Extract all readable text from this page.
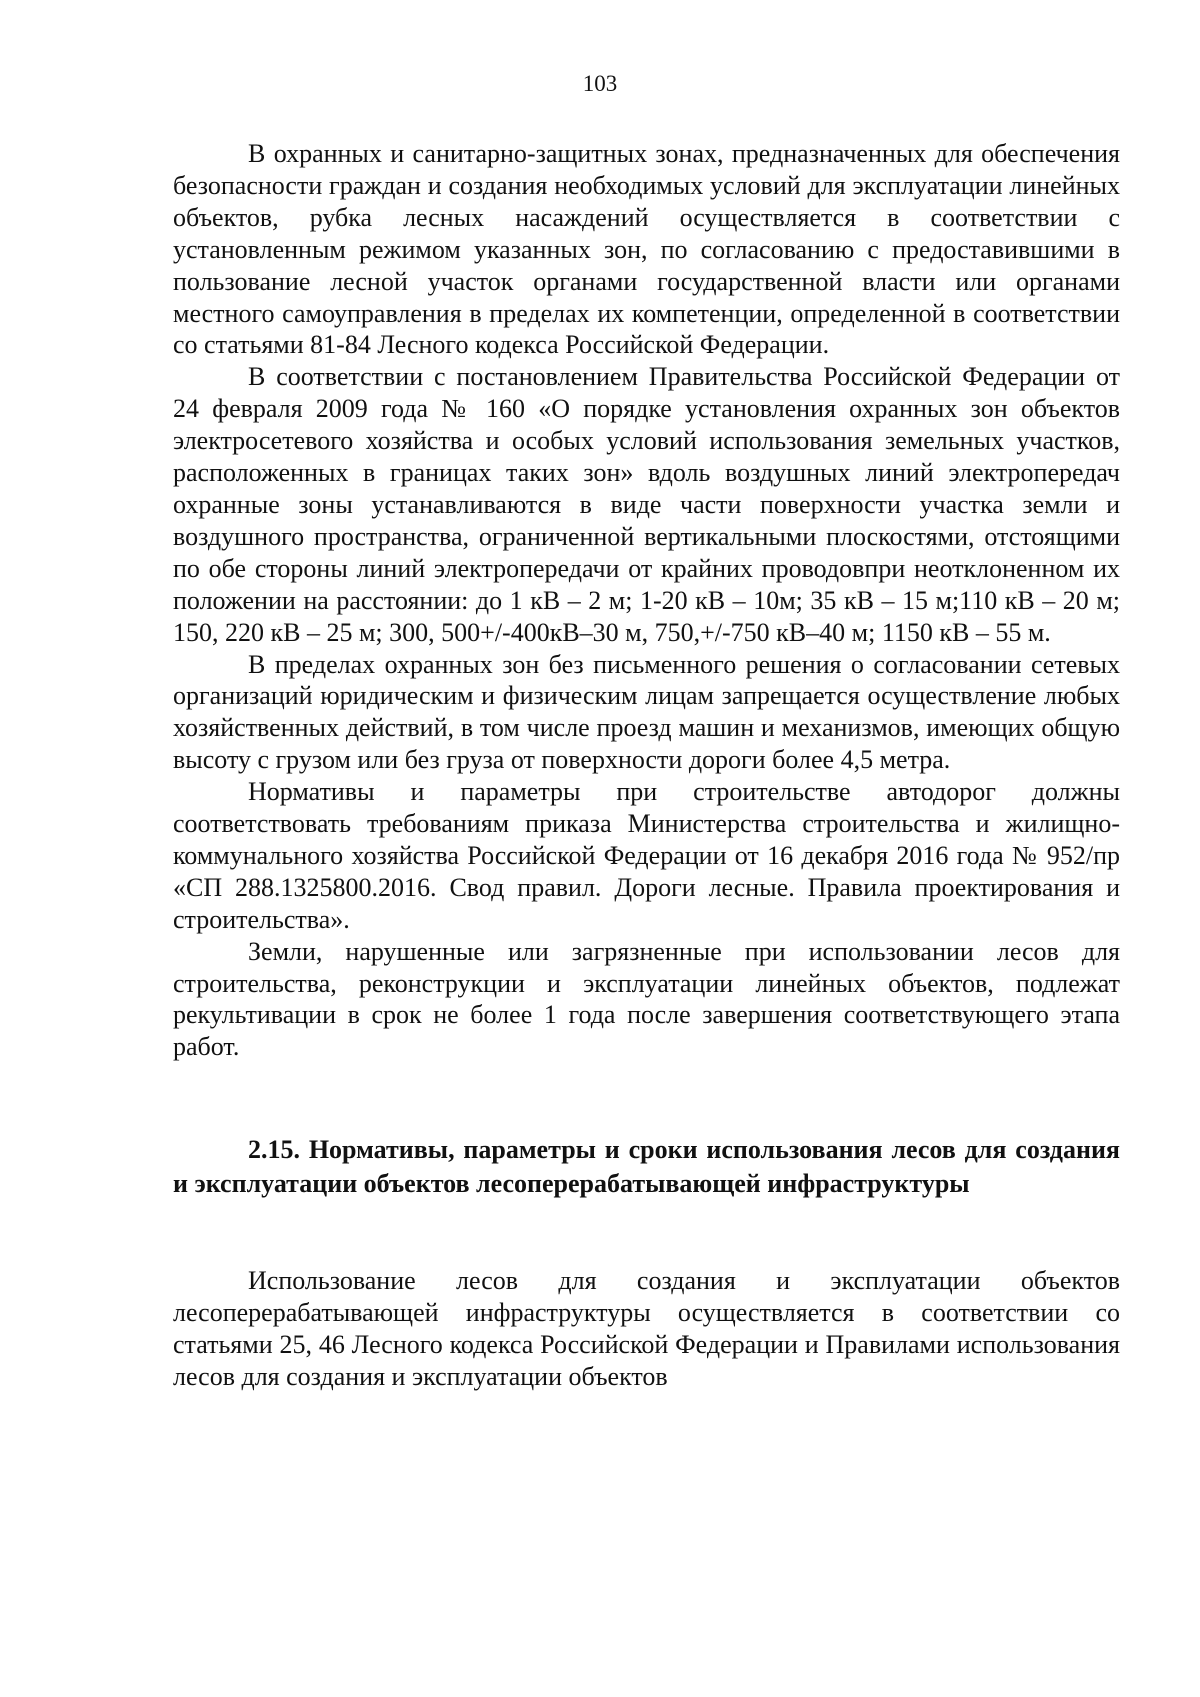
103

В охранных и санитарно-защитных зонах, предназначенных для обеспечения безопасности граждан и создания необходимых условий для эксплуатации линейных объектов, рубка лесных насаждений осуществляется в соответствии с установленным режимом указанных зон, по согласованию с предоставившими в пользование лесной участок органами государственной власти или органами местного самоуправления в пределах их компетенции, определенной в соответствии со статьями 81-84 Лесного кодекса Российской Федерации.

В соответствии с постановлением Правительства Российской Федерации от 24 февраля 2009 года № 160 «О порядке установления охранных зон объектов электросетевого хозяйства и особых условий использования земельных участков, расположенных в границах таких зон» вдоль воздушных линий электропередач охранные зоны устанавливаются в виде части поверхности участка земли и воздушного пространства, ограниченной вертикальными плоскостями, отстоящими по обе стороны линий электропередачи от крайних проводовпри неотклоненном их положении на расстоянии: до 1 кВ – 2 м; 1-20 кВ – 10м; 35 кВ – 15 м;110 кВ – 20 м; 150, 220 кВ – 25 м; 300, 500+/-400кВ–30 м, 750,+/-750 кВ–40 м; 1150 кВ – 55 м.

В пределах охранных зон без письменного решения о согласовании сетевых организаций юридическим и физическим лицам запрещается осуществление любых хозяйственных действий, в том числе проезд машин и механизмов, имеющих общую высоту с грузом или без груза от поверхности дороги более 4,5 метра.

Нормативы и параметры при строительстве автодорог должны соответствовать требованиям приказа Министерства строительства и жилищно-коммунального хозяйства Российской Федерации от 16 декабря 2016 года № 952/пр «СП 288.1325800.2016. Свод правил. Дороги лесные. Правила проектирования и строительства».

Земли, нарушенные или загрязненные при использовании лесов для строительства, реконструкции и эксплуатации линейных объектов, подлежат рекультивации в срок не более 1 года после завершения соответствующего этапа работ.

2.15. Нормативы, параметры и сроки использования лесов для создания и эксплуатации объектов лесоперерабатывающей инфраструктуры

Использование лесов для создания и эксплуатации объектов лесоперерабатывающей инфраструктуры осуществляется в соответствии со статьями 25, 46 Лесного кодекса Российской Федерации и Правилами использования лесов для создания и эксплуатации объектов
